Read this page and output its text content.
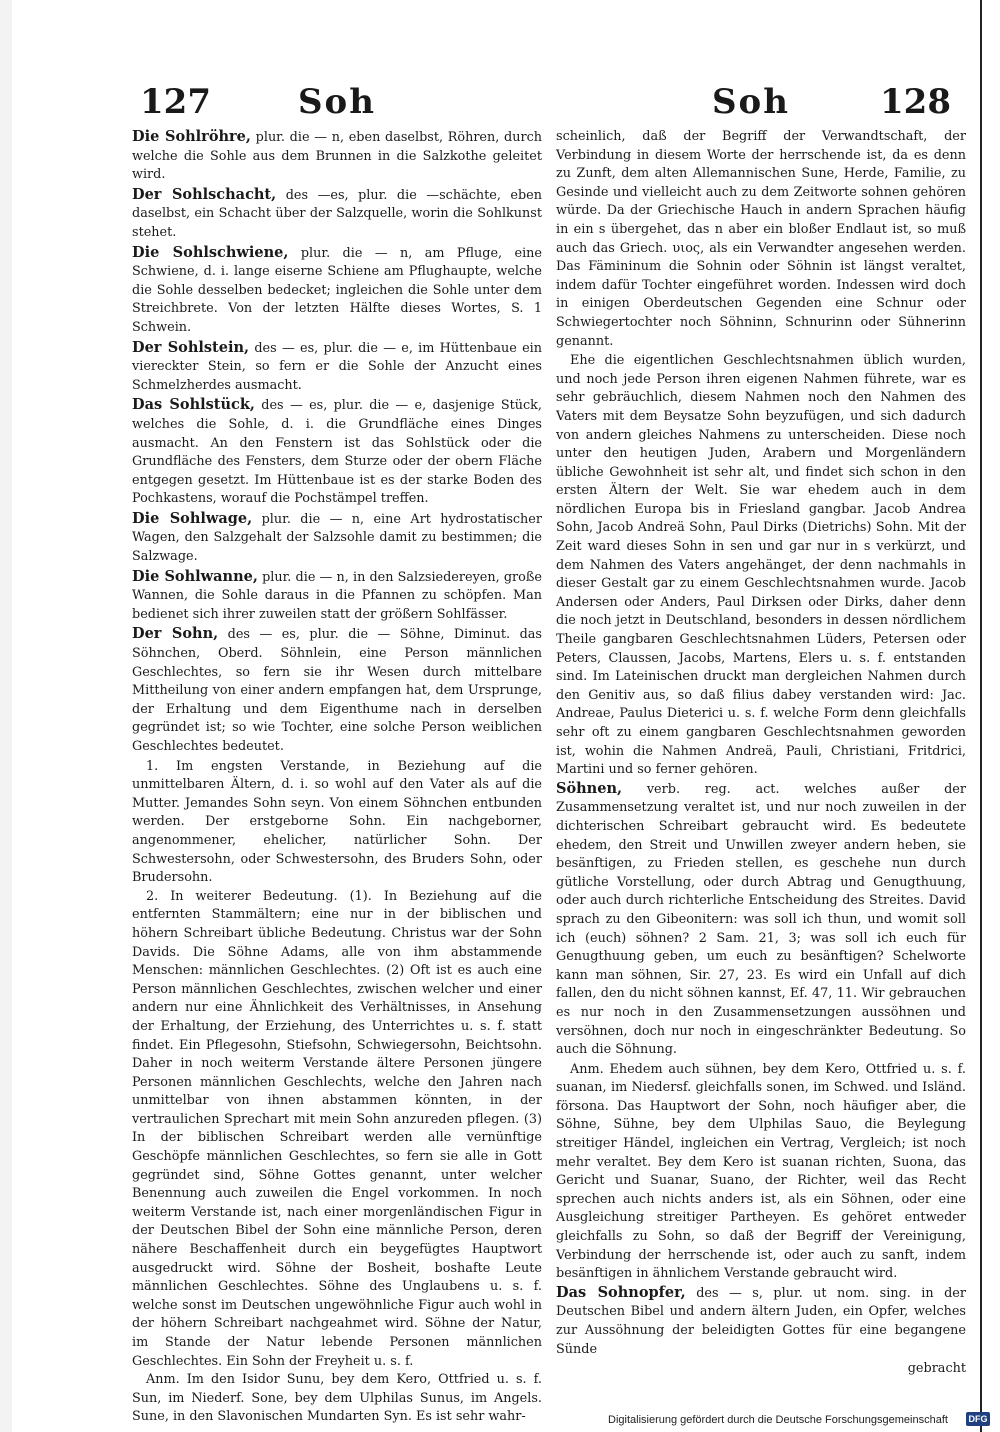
127	Soh	Soh	128

Die Sohlröhre, plur. die — n, eben daselbst, Röhren, durch welche die Sohle aus dem Brunnen in die Salzkothe geleitet wird.

Der Sohlschacht, des —es, plur. die —schächte, eben daselbst, ein Schacht über der Salzquelle, worin die Sohlkunst stehet.

Die Sohlschwiene, plur. die — n, am Pfluge, eine Schwiene, d. i. lange eiserne Schiene am Pflughaupte, welche die Sohle desselben bedecket; ingleichen die Sohle unter dem Streichbrete. Von der letzten Hälfte dieses Wortes, S. 1 Schwein.

Der Sohlstein, des — es, plur. die — e, im Hüttenbaue ein viereckter Stein, so fern er die Sohle der Anzucht eines Schmelzherdes ausmacht.

Das Sohlstück, des — es, plur. die — e, dasjenige Stück, welches die Sohle, d. i. die Grundfläche eines Dinges ausmacht. An den Fenstern ist das Sohlstück oder die Grundfläche des Fensters, dem Sturze oder der obern Fläche entgegen gesetzt. Im Hüttenbaue ist es der starke Boden des Pochkastens, worauf die Pochstämpel treffen.

Die Sohlwage, plur. die — n, eine Art hydrostatischer Wagen, den Salzgehalt der Salzsohle damit zu bestimmen; die Salzwage.

Die Sohlwanne, plur. die — n, in den Salzsiedereyen, große Wannen, die Sohle daraus in die Pfannen zu schöpfen. Man bedienet sich ihrer zuweilen statt der größern Sohlfässer.

Der Sohn, des — es, plur. die — Söhne, Diminut. das Söhnchen, Oberd. Söhnlein, eine Person männlichen Geschlechtes, so fern sie ihr Wesen durch mittelbare Mittheilung von einer andern empfangen hat, dem Ursprunge, der Erhaltung und dem Eigenthume nach in derselben gegründet ist; so wie Tochter, eine solche Person weiblichen Geschlechtes bedeutet.

1. Im engsten Verstande, in Beziehung auf die unmittelbaren Ältern, d. i. so wohl auf den Vater als auf die Mutter. Jemandes Sohn seyn. Von einem Söhnchen entbunden werden. Der erstgeborne Sohn. Ein nachgeborner, angenommener, ehelicher, natürlicher Sohn. Der Schwestersohn, oder Schwestersohn, des Bruders Sohn, oder Brudersohn.

2. In weiterer Bedeutung. (1). In Beziehung auf die entfernten Stammältern; eine nur in der biblischen und höhern Schreibart übliche Bedeutung. Christus war der Sohn Davids. Die Söhne Adams, alle von ihm abstammende Menschen: männlichen Geschlechtes. (2) Oft ist es auch eine Person männlichen Geschlechtes, zwischen welcher und einer andern nur eine Ähnlichkeit des Verhältnisses, in Ansehung der Erhaltung, der Erziehung, des Unterrichtes u. s. f. statt findet. Ein Pflegesohn, Stiefsohn, Schwiegersohn, Beichtsohn. Daher in noch weiterm Verstande ältere Personen jüngere Personen männlichen Geschlechts, welche den Jahren nach unmittelbar von ihnen abstammen könnten, in der vertraulichen Sprechart mit mein Sohn anzureden pflegen. (3) In der biblischen Schreibart werden alle vernünftige Geschöpfe männlichen Geschlechtes, so fern sie alle in Gott gegründet sind, Söhne Gottes genannt, unter welcher Benennung auch zuweilen die Engel vorkommen. In noch weiterm Verstande ist, nach einer morgenländischen Figur in der Deutschen Bibel der Sohn eine männliche Person, deren nähere Beschaffenheit durch ein beygefügtes Hauptwort ausgedruckt wird. Söhne der Bosheit, boshafte Leute männlichen Geschlechtes. Söhne des Unglaubens u. s. f. welche sonst im Deutschen ungewöhnliche Figur auch wohl in der höhern Schreibart nachgeahmet wird. Söhne der Natur, im Stande der Natur lebende Personen männlichen Geschlechtes. Ein Sohn der Freyheit u. s. f.

Anm. Im den Isidor Sunu, bey dem Kero, Ottfried u. s. f. Sun, im Niederf. Sone, bey dem Ulphilas Sunus, im Angels. Sune, in den Slavonischen Mundarten Syn. Es ist sehr wahr-

scheinlich, daß der Begriff der Verwandtschaft, der Verbindung in diesem Worte der herrschende ist, da es denn zu Zunft, dem alten Allemannischen Sune, Herde, Familie, zu Gesinde und vielleicht auch zu dem Zeitworte sohnen gehören würde. Da der Griechische Hauch in andern Sprachen häufig in ein s übergehet, das n aber ein bloßer Endlaut ist, so muß auch das Griech. υιος, als ein Verwandter angesehen werden. Das Fämininum die Sohnin oder Söhnin ist längst veraltet, indem dafür Tochter eingeführet worden. Indessen wird doch in einigen Oberdeutschen Gegenden eine Schnur oder Schwiegertochter noch Söhninn, Schnurinn oder Sühnerinn genannt.

Ehe die eigentlichen Geschlechtsnahmen üblich wurden, und noch jede Person ihren eigenen Nahmen führete, war es sehr gebräuchlich, diesem Nahmen noch den Nahmen des Vaters mit dem Beysatze Sohn beyzufügen, und sich dadurch von andern gleiches Nahmens zu unterscheiden. Diese noch unter den heutigen Juden, Arabern und Morgenländern übliche Gewohnheit ist sehr alt, und findet sich schon in den ersten Ältern der Welt. Sie war ehedem auch in dem nördlichen Europa bis in Friesland gangbar. Jacob Andrea Sohn, Jacob Andreä Sohn, Paul Dirks (Dietrichs) Sohn. Mit der Zeit ward dieses Sohn in sen und gar nur in s verkürzt, und dem Nahmen des Vaters angehänget, der denn nachmahls in dieser Gestalt gar zu einem Geschlechtsnahmen wurde. Jacob Andersen oder Anders, Paul Dirksen oder Dirks, daher denn die noch jetzt in Deutschland, besonders in dessen nördlichem Theile gangbaren Geschlechtsnahmen Lüders, Petersen oder Peters, Claussen, Jacobs, Martens, Elers u. s. f. entstanden sind. Im Lateinischen druckt man dergleichen Nahmen durch den Genitiv aus, so daß filius dabey verstanden wird: Jac. Andreae, Paulus Dieterici u. s. f. welche Form denn gleichfalls sehr oft zu einem gangbaren Geschlechtsnahmen geworden ist, wohin die Nahmen Andreä, Pauli, Christiani, Fritdrici, Martini und so ferner gehören.

Söhnen, verb. reg. act. welches außer der Zusammensetzung veraltet ist, und nur noch zuweilen in der dichterischen Schreibart gebraucht wird. Es bedeutete ehedem, den Streit und Unwillen zweyer andern heben, sie besänftigen, zu Frieden stellen, es geschehe nun durch gütliche Vorstellung, oder durch Abtrag und Genugthuung, oder auch durch richterliche Entscheidung des Streites. David sprach zu den Gibeonitern: was soll ich thun, und womit soll ich (euch) söhnen? 2 Sam. 21, 3; was soll ich euch für Genugthuung geben, um euch zu besänftigen? Schelworte kann man söhnen, Sir. 27, 23. Es wird ein Unfall auf dich fallen, den du nicht söhnen kannst, Ef. 47, 11. Wir gebrauchen es nur noch in den Zusammensetzungen aussöhnen und versöhnen, doch nur noch in eingeschränkter Bedeutung. So auch die Söhnung.

Anm. Ehedem auch sühnen, bey dem Kero, Ottfried u. s. f. suanan, im Niedersf. gleichfalls sonen, im Schwed. und Isländ. försona. Das Hauptwort der Sohn, noch häufiger aber, die Söhne, Sühne, bey dem Ulphilas Sauo, die Beylegung streitiger Händel, ingleichen ein Vertrag, Vergleich; ist noch mehr veraltet. Bey dem Kero ist suanan richten, Suona, das Gericht und Suanar, Suano, der Richter, weil das Recht sprechen auch nichts anders ist, als ein Söhnen, oder eine Ausgleichung streitiger Partheyen. Es gehöret entweder gleichfalls zu Sohn, so daß der Begriff der Vereinigung, Verbindung der herrschende ist, oder auch zu sanft, indem besänftigen in ähnlichem Verstande gebraucht wird.

Das Sohnopfer, des — s, plur. ut nom. sing. in der Deutschen Bibel und andern ältern Juden, ein Opfer, welches zur Aussöhnung der beleidigten Gottes für eine begangene Sünde

gebracht

Digitalisierung gefördert durch die Deutsche Forschungsgemeinschaft DFG
